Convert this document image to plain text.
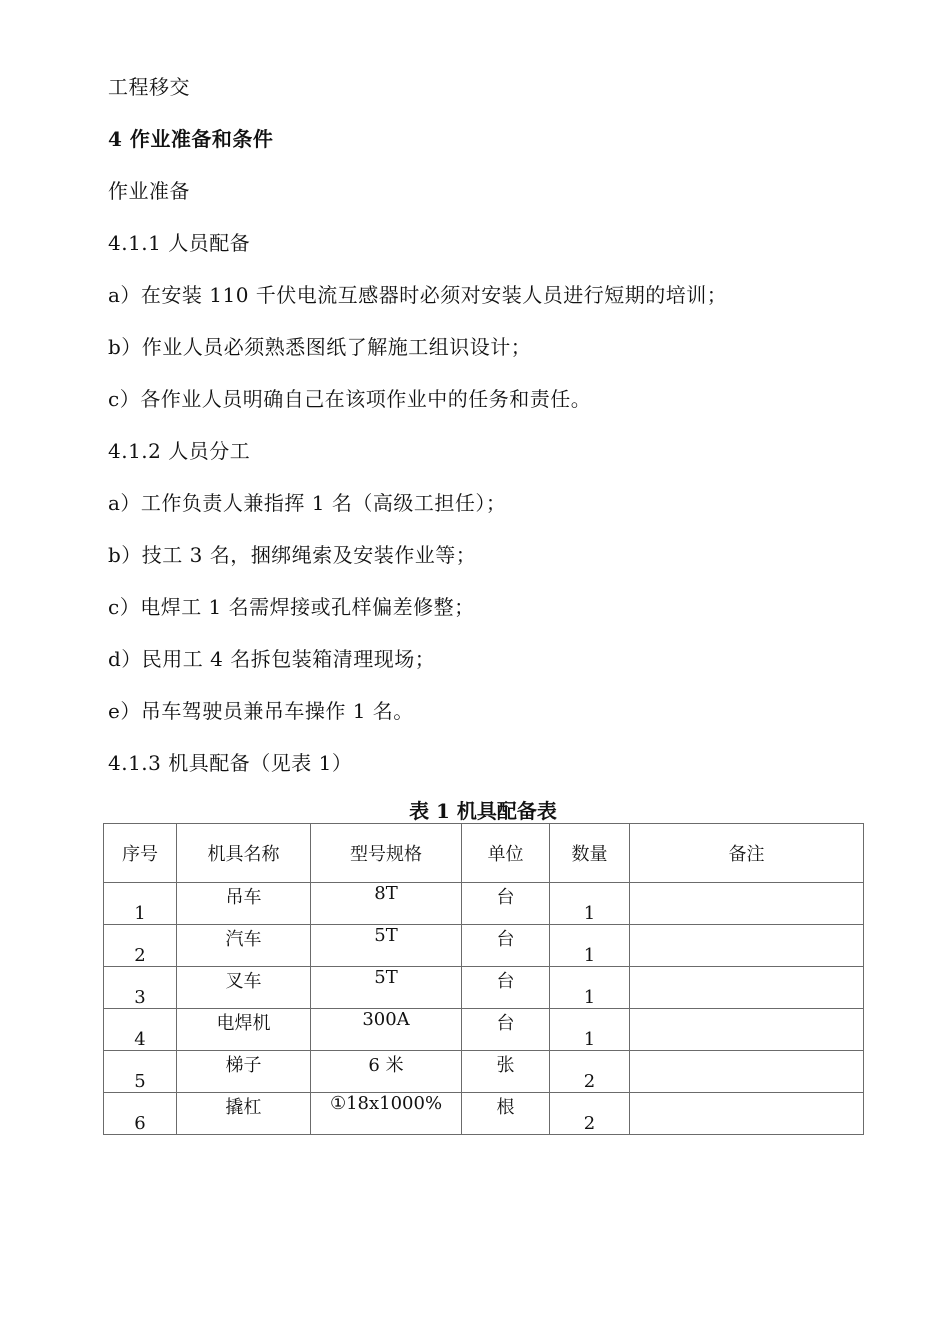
工程移交
4 作业准备和条件
作业准备
4.1.1 人员配备
a）在安装 110 千伏电流互感器时必须对安装人员进行短期的培训；
b）作业人员必须熟悉图纸了解施工组识设计；
c）各作业人员明确自己在该项作业中的任务和责任。
4.1.2 人员分工
a）工作负责人兼指挥 1 名（高级工担任）；
b）技工 3 名，捆绑绳索及安装作业等；
c）电焊工 1 名需焊接或孔样偏差修整；
d）民用工 4 名拆包装箱清理现场；
e）吊车驾驶员兼吊车操作 1 名。
4.1.3 机具配备（见表 1）
表 1 机具配备表
序号	机具名称	型号规格	单位	数量	备注
1	吊车	8T	台	1	
2	汽车	5T	台	1	
3	叉车	5T	台	1	
4	电焊机	300A	台	1	
5	梯子	6 米	张	2	
6	撬杠	①18x1000%	根	2	
